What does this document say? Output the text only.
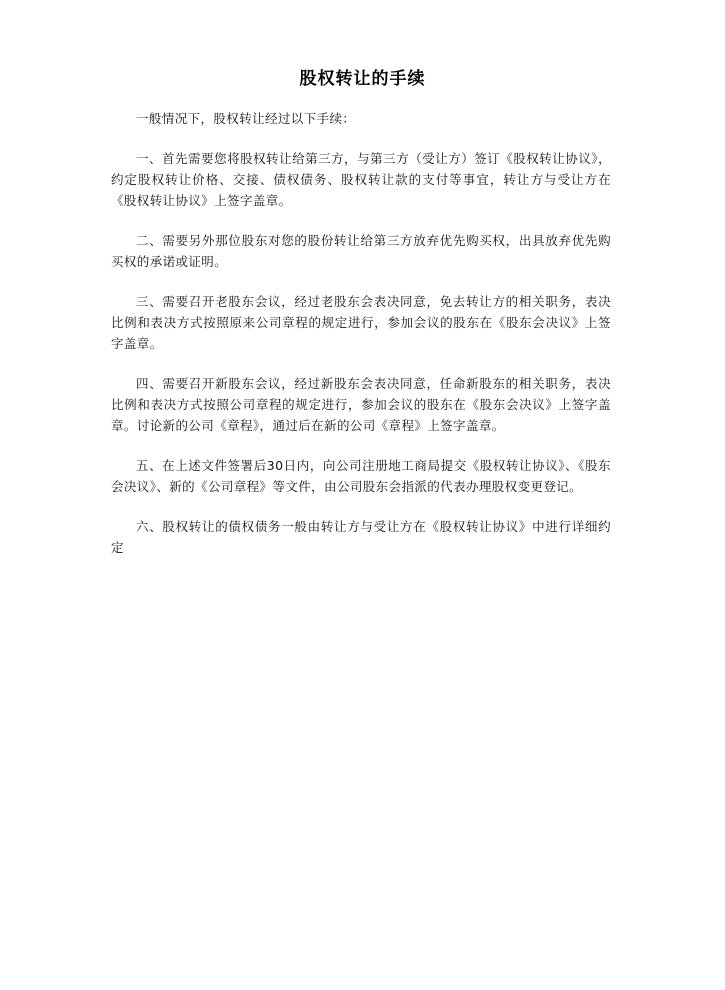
股权转让的手续

一般情况下，股权转让经过以下手续：

一、首先需要您将股权转让给第三方，与第三方（受让方）签订《股权转让协议》，约定股权转让价格、交接、债权债务、股权转让款的支付等事宜，转让方与受让方在《股权转让协议》上签字盖章。

二、需要另外那位股东对您的股份转让给第三方放弃优先购买权，出具放弃优先购买权的承诺或证明。

三、需要召开老股东会议，经过老股东会表决同意，免去转让方的相关职务，表决比例和表决方式按照原来公司章程的规定进行，参加会议的股东在《股东会决议》上签字盖章。

四、需要召开新股东会议，经过新股东会表决同意，任命新股东的相关职务，表决比例和表决方式按照公司章程的规定进行，参加会议的股东在《股东会决议》上签字盖章。讨论新的公司《章程》，通过后在新的公司《章程》上签字盖章。

五、在上述文件签署后30日内，向公司注册地工商局提交《股权转让协议》、《股东会决议》、新的《公司章程》等文件，由公司股东会指派的代表办理股权变更登记。

六、股权转让的债权债务一般由转让方与受让方在《股权转让协议》中进行详细约定
